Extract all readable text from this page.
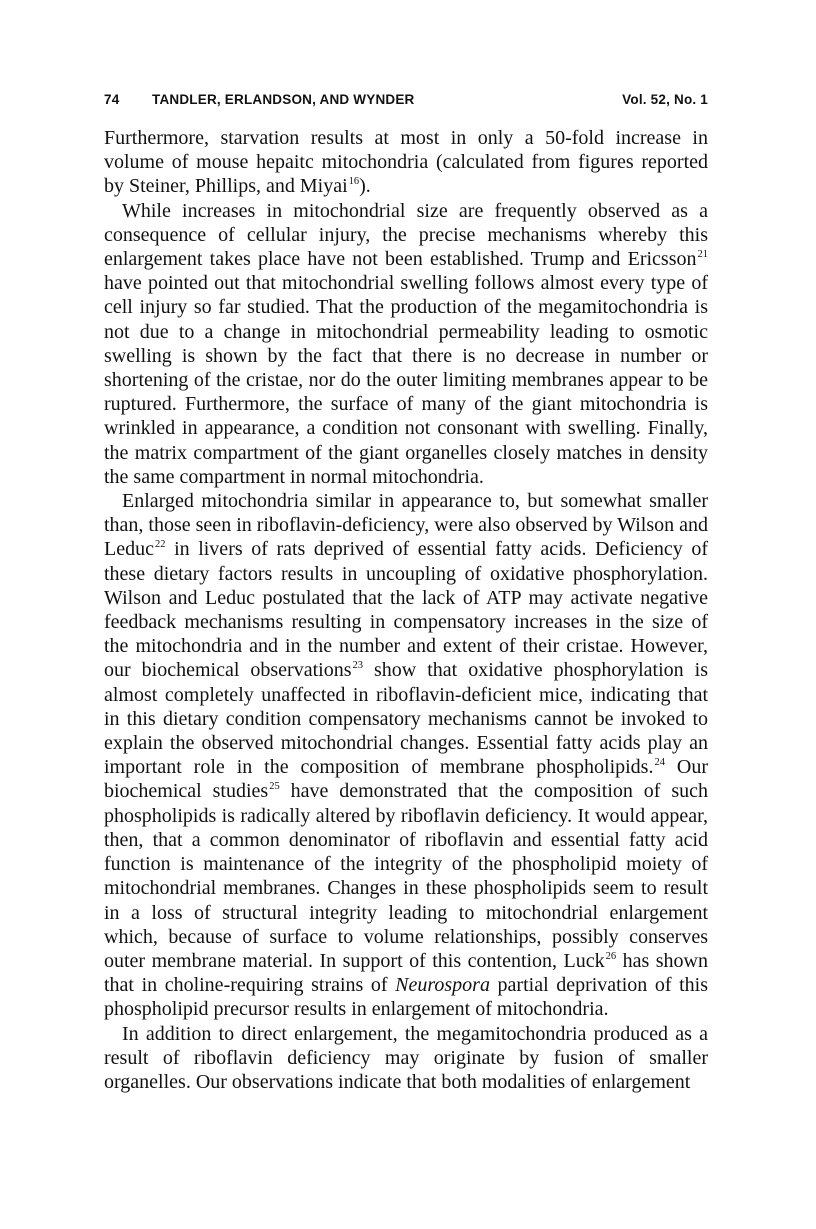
74	TANDLER, ERLANDSON, AND WYNDER	Vol. 52, No. 1

Furthermore, starvation results at most in only a 50-fold increase in volume of mouse hepaitc mitochondria (calculated from figures reported by Steiner, Phillips, and Miyai$^{16}$).

While increases in mitochondrial size are frequently observed as a consequence of cellular injury, the precise mechanisms whereby this enlargement takes place have not been established. Trump and Ericsson$^{21}$ have pointed out that mitochondrial swelling follows almost every type of cell injury so far studied. That the production of the megamitochondria is not due to a change in mitochondrial permeability leading to osmotic swelling is shown by the fact that there is no decrease in number or shortening of the cristae, nor do the outer limiting membranes appear to be ruptured. Furthermore, the surface of many of the giant mitochondria is wrinkled in appearance, a condition not consonant with swelling. Finally, the matrix compartment of the giant organelles closely matches in density the same compartment in normal mitochondria.

Enlarged mitochondria similar in appearance to, but somewhat smaller than, those seen in riboflavin-deficiency, were also observed by Wilson and Leduc$^{22}$ in livers of rats deprived of essential fatty acids. Deficiency of these dietary factors results in uncoupling of oxidative phosphorylation. Wilson and Leduc postulated that the lack of ATP may activate negative feedback mechanisms resulting in compensatory increases in the size of the mitochondria and in the number and extent of their cristae. However, our biochemical observations$^{23}$ show that oxidative phosphorylation is almost completely unaffected in riboflavin-deficient mice, indicating that in this dietary condition compensatory mechanisms cannot be invoked to explain the observed mitochondrial changes. Essential fatty acids play an important role in the composition of membrane phospholipids.$^{24}$ Our biochemical studies$^{25}$ have demonstrated that the composition of such phospholipids is radically altered by riboflavin deficiency. It would appear, then, that a common denominator of riboflavin and essential fatty acid function is maintenance of the integrity of the phospholipid moiety of mitochondrial membranes. Changes in these phospholipids seem to result in a loss of structural integrity leading to mitochondrial enlargement which, because of surface to volume relationships, possibly conserves outer membrane material. In support of this contention, Luck$^{26}$ has shown that in choline-requiring strains of Neurospora partial deprivation of this phospholipid precursor results in enlargement of mitochondria.

In addition to direct enlargement, the megamitochondria produced as a result of riboflavin deficiency may originate by fusion of smaller organelles. Our observations indicate that both modalities of enlargement
